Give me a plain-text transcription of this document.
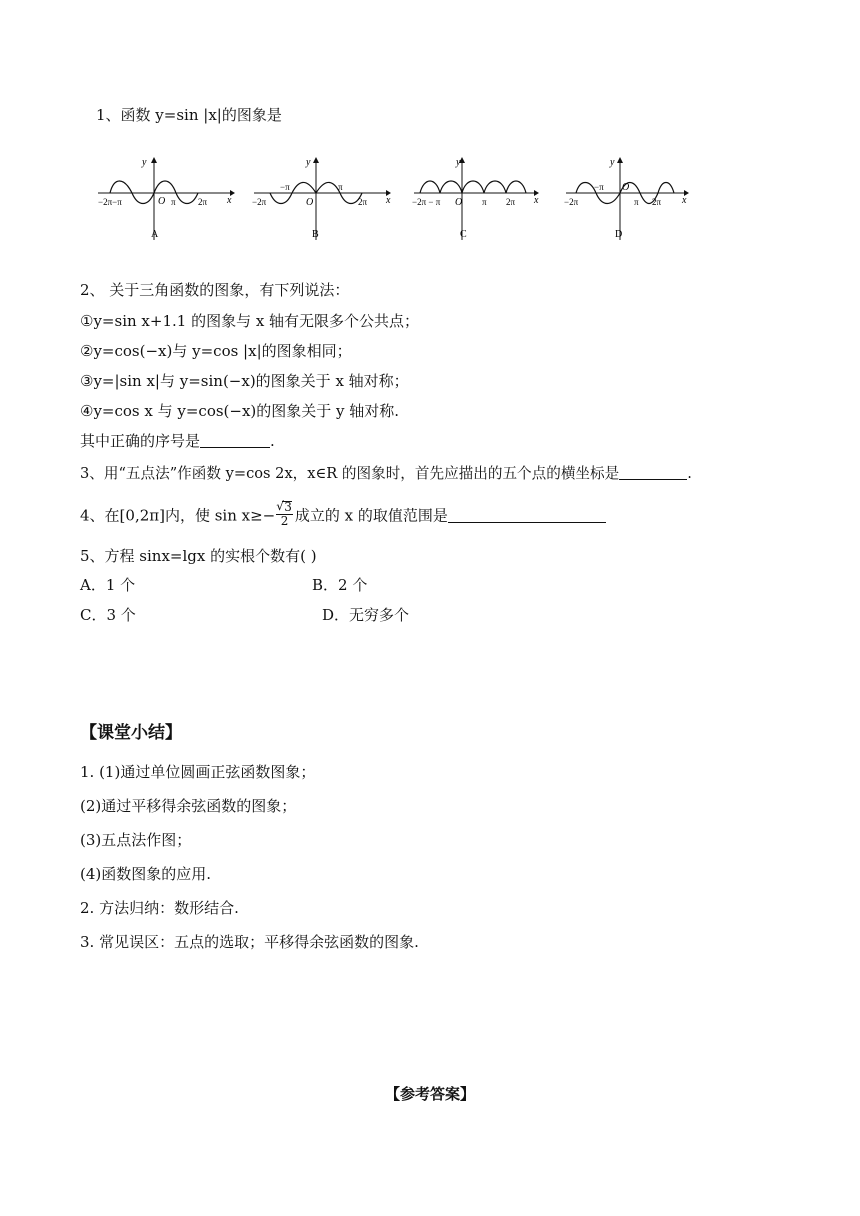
1、函数 y=sin |x|的图象是
y
x
O
−2π−π	π 2π
A
y
x
O
−2π
−π	π
2π
B
y
x
O
−2π − π	π 2π
C
y
x
O
−2π
−π
π 2π
D
2、 关于三角函数的图象，有下列说法：
①y=sin x+1.1 的图象与 x 轴有无限多个公共点；
②y=cos(−x)与 y=cos |x|的图象相同；
③y=|sin x|与 y=sin(−x)的图象关于 x 轴对称；
④y=cos x 与 y=cos(−x)的图象关于 y 轴对称.
其中正确的序号是	.
3、用“五点法”作函数 y=cos 2x，x∈R 的图象时，首先应描出的五个点的横坐标是	.
4、在[0,2π]内，使 $\sin x\ge- \frac{√ 3}{2}$ 成立的 x 的取值范围是
5、方程 sinx=lgx 的实根个数有( )
A．1 个	B．2 个
C．3 个	D．无穷多个
【课堂小结】
1. (1)通过单位圆画正弦函数图象；
(2)通过平移得余弦函数的图象；
(3)五点法作图；
(4)函数图象的应用.
2. 方法归纳：数形结合.
3. 常见误区：五点的选取；平移得余弦函数的图象.
【参考答案】
